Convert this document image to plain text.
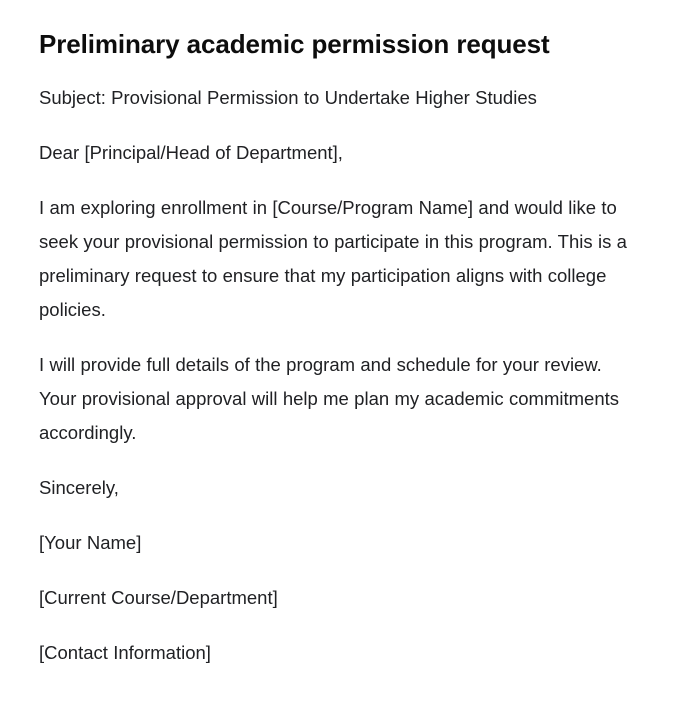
Preliminary academic permission request

Subject: Provisional Permission to Undertake Higher Studies

Dear [Principal/Head of Department],

I am exploring enrollment in [Course/Program Name] and would like to seek your provisional permission to participate in this program. This is a preliminary request to ensure that my participation aligns with college policies.

I will provide full details of the program and schedule for your review. Your provisional approval will help me plan my academic commitments accordingly.

Sincerely,

[Your Name]

[Current Course/Department]

[Contact Information]
